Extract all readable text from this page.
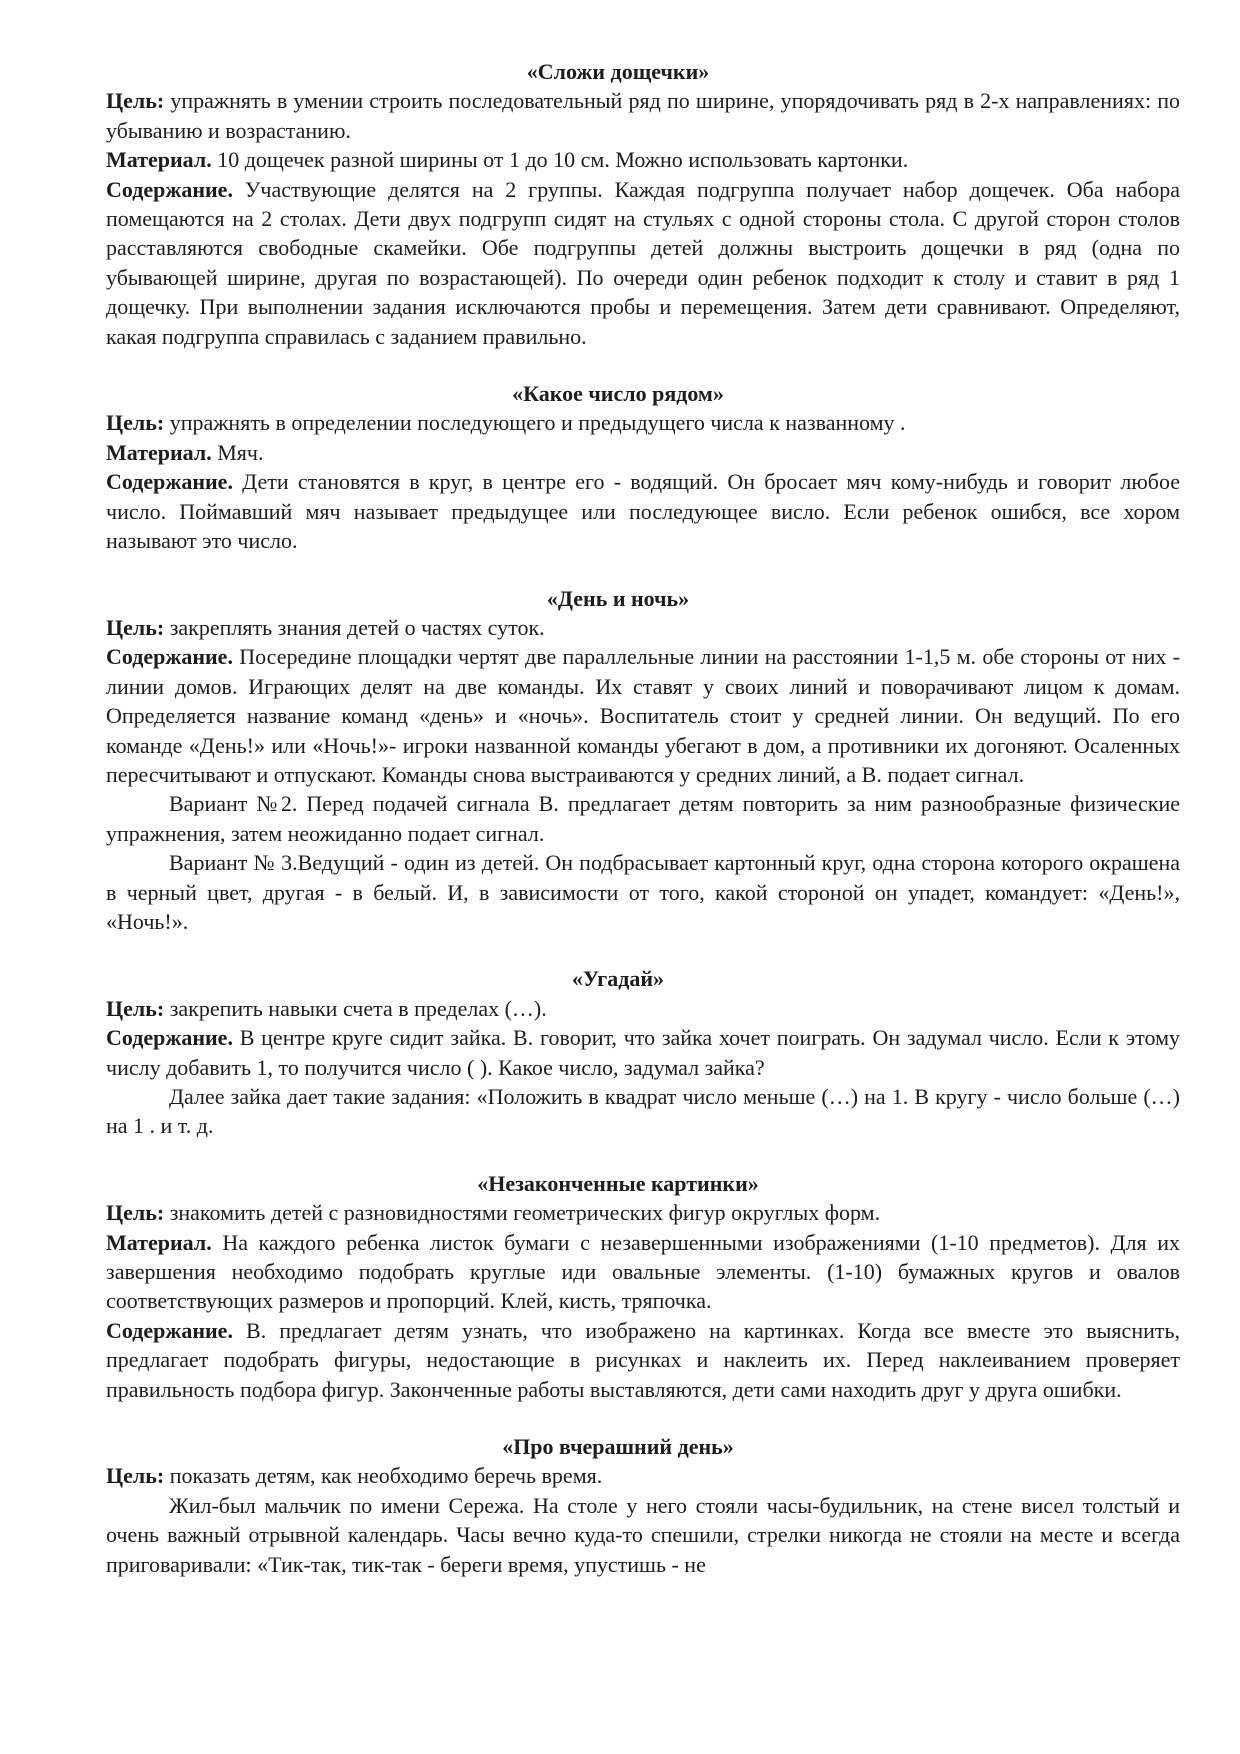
«Сложи дощечки»

Цель: упражнять в умении строить последовательный ряд по ширине, упорядочивать ряд в 2-х направлениях: по убыванию и возрастанию.

Материал. 10 дощечек разной ширины от 1 до 10 см. Можно использовать картонки.

Содержание. Участвующие делятся на 2 группы. Каждая подгруппа получает набор дощечек. Оба набора помещаются на 2 столах. Дети двух подгрупп сидят на стульях с одной стороны стола. С другой сторон столов расставляются свободные скамейки. Обе подгруппы детей должны выстроить дощечки в ряд (одна по убывающей ширине, другая по возрастающей). По очереди один ребенок подходит к столу и ставит в ряд 1 дощечку. При выполнении задания исключаются пробы и перемещения. Затем дети сравнивают. Определяют, какая подгруппа справилась с заданием правильно.

«Какое число рядом»

Цель: упражнять в определении последующего и предыдущего числа к названному .

Материал. Мяч.

Содержание. Дети становятся в круг, в центре его - водящий. Он бросает мяч кому-нибудь и говорит любое число. Поймавший мяч называет предыдущее или последующее висло. Если ребенок ошибся, все хором называют это число.

«День и ночь»

Цель: закреплять знания детей о частях суток.

Содержание. Посередине площадки чертят две параллельные линии на расстоянии 1-1,5 м. обе стороны от них - линии домов. Играющих делят на две команды. Их ставят у своих линий и поворачивают лицом к домам. Определяется название команд «день» и «ночь». Воспитатель стоит у средней линии. Он ведущий. По его команде «День!» или «Ночь!»- игроки названной команды убегают в дом, а противники их догоняют. Осаленных пересчитывают и отпускают. Команды снова выстраиваются у средних линий, а В. подает сигнал.

Вариант №2. Перед подачей сигнала В. предлагает детям повторить за ним разнообразные физические упражнения, затем неожиданно подает сигнал.

Вариант № 3.Ведущий - один из детей. Он подбрасывает картонный круг, одна сторона которого окрашена в черный цвет, другая - в белый. И, в зависимости от того, какой стороной он упадет, командует: «День!», «Ночь!».

«Угадай»

Цель: закрепить навыки счета в пределах (…).

Содержание. В центре круге сидит зайка. В. говорит, что зайка хочет поиграть. Он задумал число. Если к этому числу добавить 1, то получится число ( ). Какое число, задумал зайка?

Далее зайка дает такие задания: «Положить в квадрат число меньше (…) на 1. В кругу - число больше (…) на 1 . и т. д.

«Незаконченные картинки»

Цель: знакомить детей с разновидностями геометрических фигур округлых форм.

Материал. На каждого ребенка листок бумаги с незавершенными изображениями (1-10 предметов). Для их завершения необходимо подобрать круглые иди овальные элементы. (1-10) бумажных кругов и овалов соответствующих размеров и пропорций. Клей, кисть, тряпочка.

Содержание. В. предлагает детям узнать, что изображено на картинках. Когда все вместе это выяснить, предлагает подобрать фигуры, недостающие в рисунках и наклеить их. Перед наклеиванием проверяет правильность подбора фигур. Законченные работы выставляются, дети сами находить друг у друга ошибки.

«Про вчерашний день»

Цель: показать детям, как необходимо беречь время.

Жил-был мальчик по имени Сережа. На столе у него стояли часы-будильник, на стене висел толстый и очень важный отрывной календарь. Часы вечно куда-то спешили, стрелки никогда не стояли на месте и всегда приговаривали: «Тик-так, тик-так - береги время, упустишь - не
